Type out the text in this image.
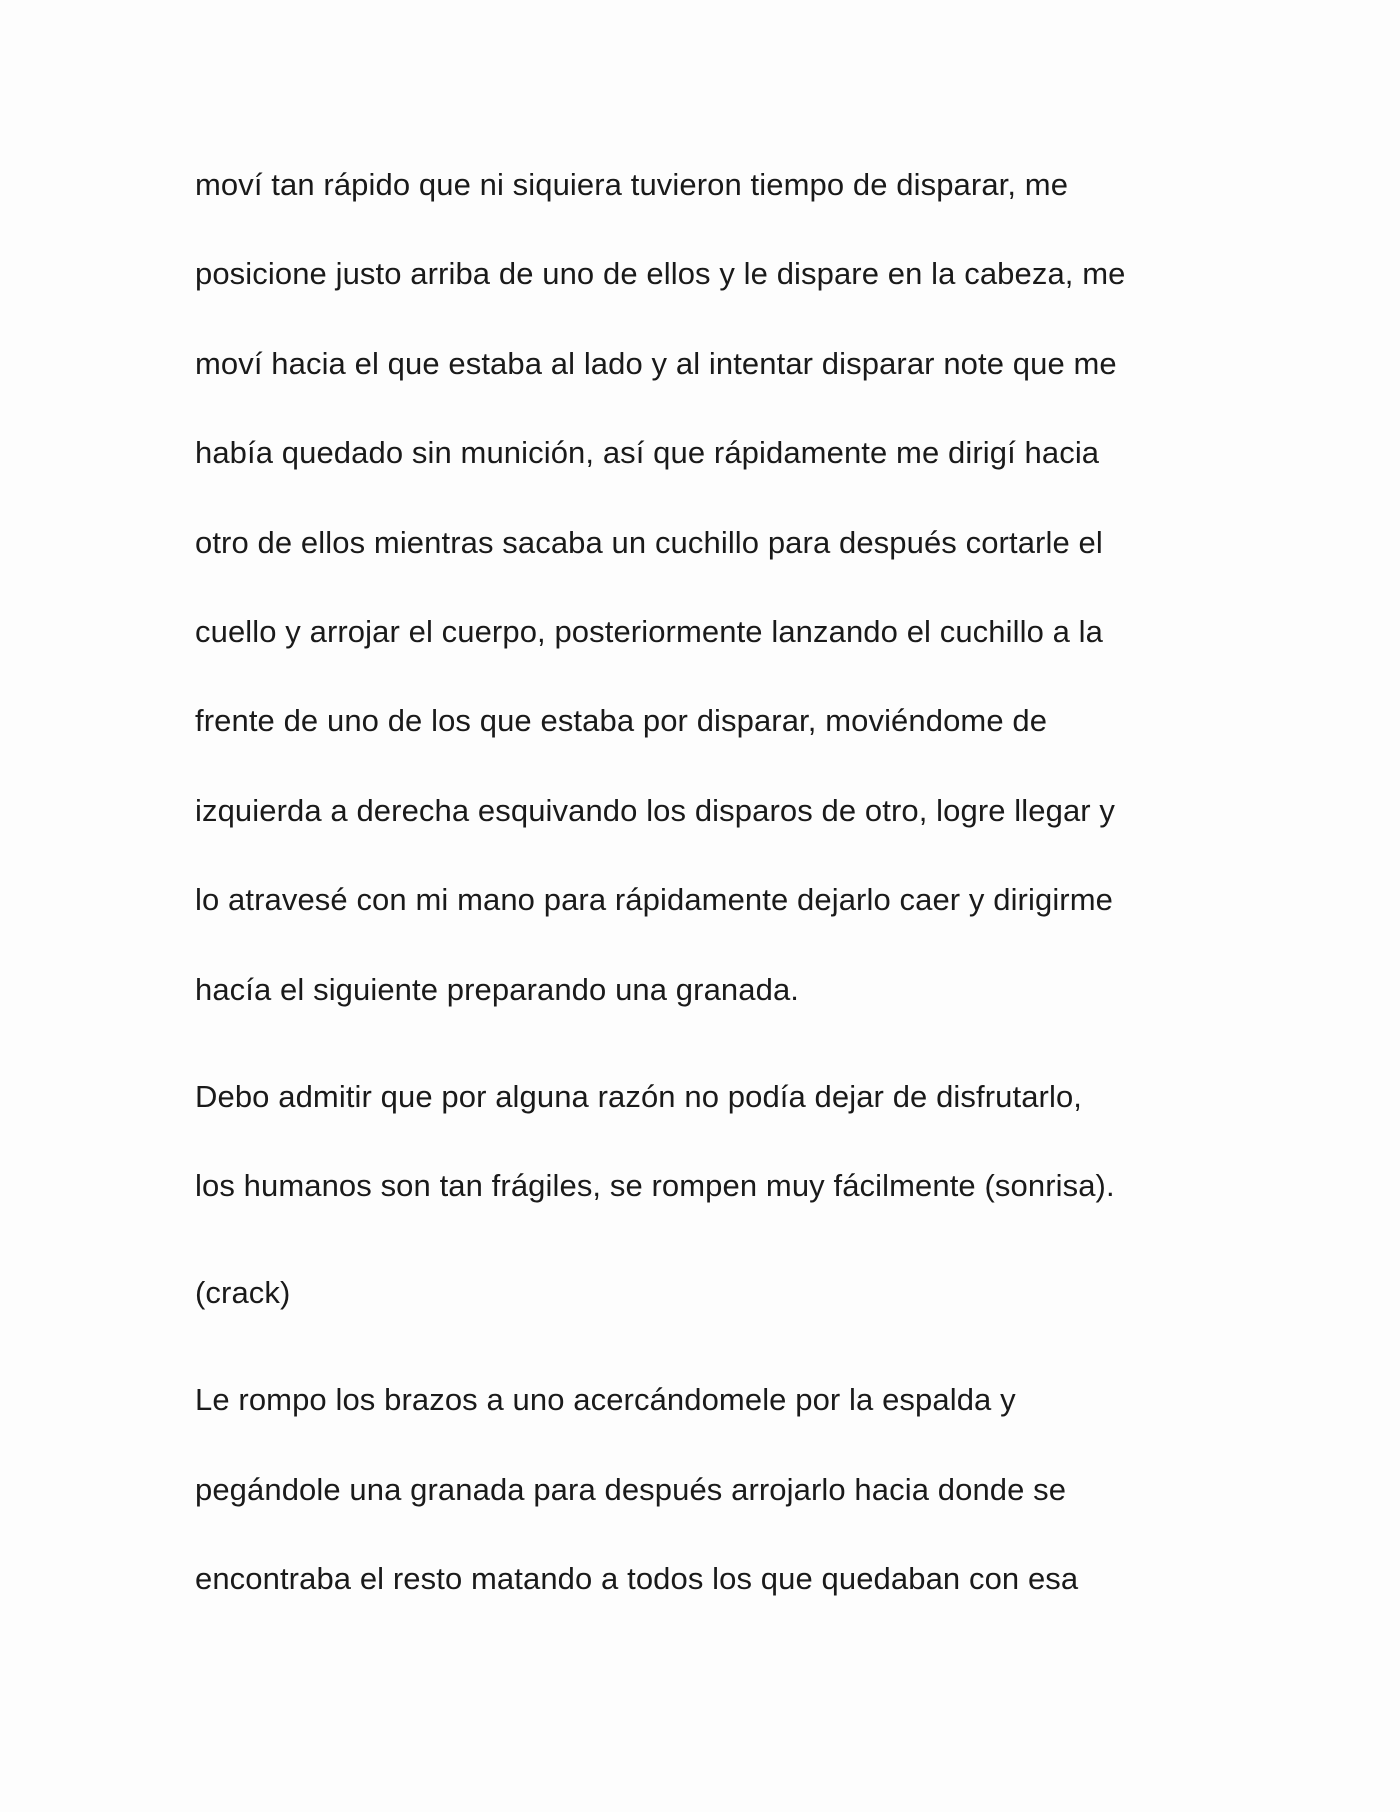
moví tan rápido que ni siquiera tuvieron tiempo de disparar, me
posicione justo arriba de uno de ellos y le dispare en la cabeza, me
moví hacia el que estaba al lado y al intentar disparar note que me
había quedado sin munición, así que rápidamente me dirigí hacia
otro de ellos mientras sacaba un cuchillo para después cortarle el
cuello y arrojar el cuerpo, posteriormente lanzando el cuchillo a la
frente de uno de los que estaba por disparar, moviéndome de
izquierda a derecha esquivando los disparos de otro, logre llegar y
lo atravesé con mi mano para rápidamente dejarlo caer y dirigirme
hacía el siguiente preparando una granada.
Debo admitir que por alguna razón no podía dejar de disfrutarlo,
los humanos son tan frágiles, se rompen muy fácilmente (sonrisa).
(crack)
Le rompo los brazos a uno acercándomele por la espalda y
pegándole una granada para después arrojarlo hacia donde se
encontraba el resto matando a todos los que quedaban con esa
